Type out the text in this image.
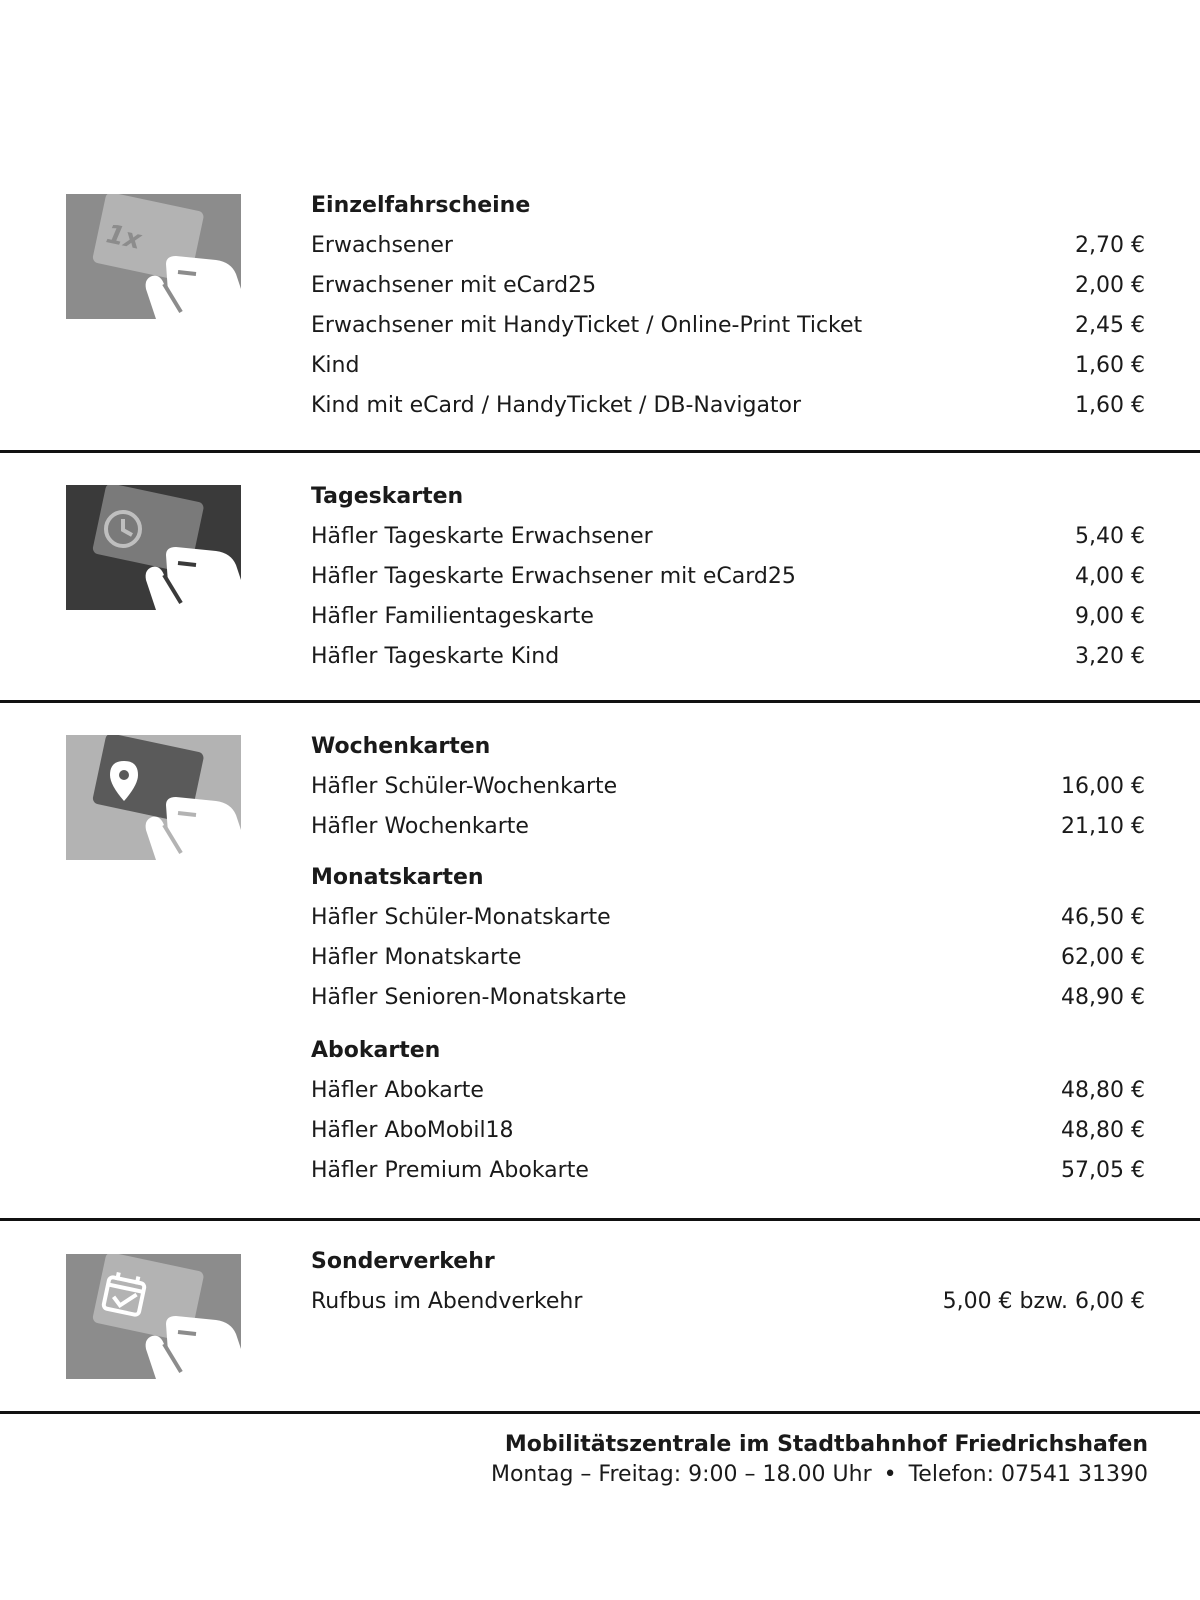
1x
Einzelfahrscheine
Erwachsener	2,70 €
Erwachsener mit eCard25	2,00 €
Erwachsener mit HandyTicket / Online-Print Ticket	2,45 €
Kind	1,60 €
Kind mit eCard / HandyTicket / DB-Navigator	1,60 €
Tageskarten
Häfler Tageskarte Erwachsener	5,40 €
Häfler Tageskarte Erwachsener mit eCard25	4,00 €
Häfler Familientageskarte	9,00 €
Häfler Tageskarte Kind	3,20 €
Wochenkarten
Häfler Schüler-Wochenkarte	16,00 €
Häfler Wochenkarte	21,10 €
Monatskarten
Häfler Schüler-Monatskarte	46,50 €
Häfler Monatskarte	62,00 €
Häfler Senioren-Monatskarte	48,90 €
Abokarten
Häfler Abokarte	48,80 €
Häfler AboMobil18	48,80 €
Häfler Premium Abokarte	57,05 €
Sonderverkehr
Rufbus im Abendverkehr	5,00 € bzw. 6,00 €
Mobilitätszentrale im Stadtbahnhof Friedrichshafen
Montag – Freitag: 9:00 – 18.00 Uhr • Telefon: 07541 31390
